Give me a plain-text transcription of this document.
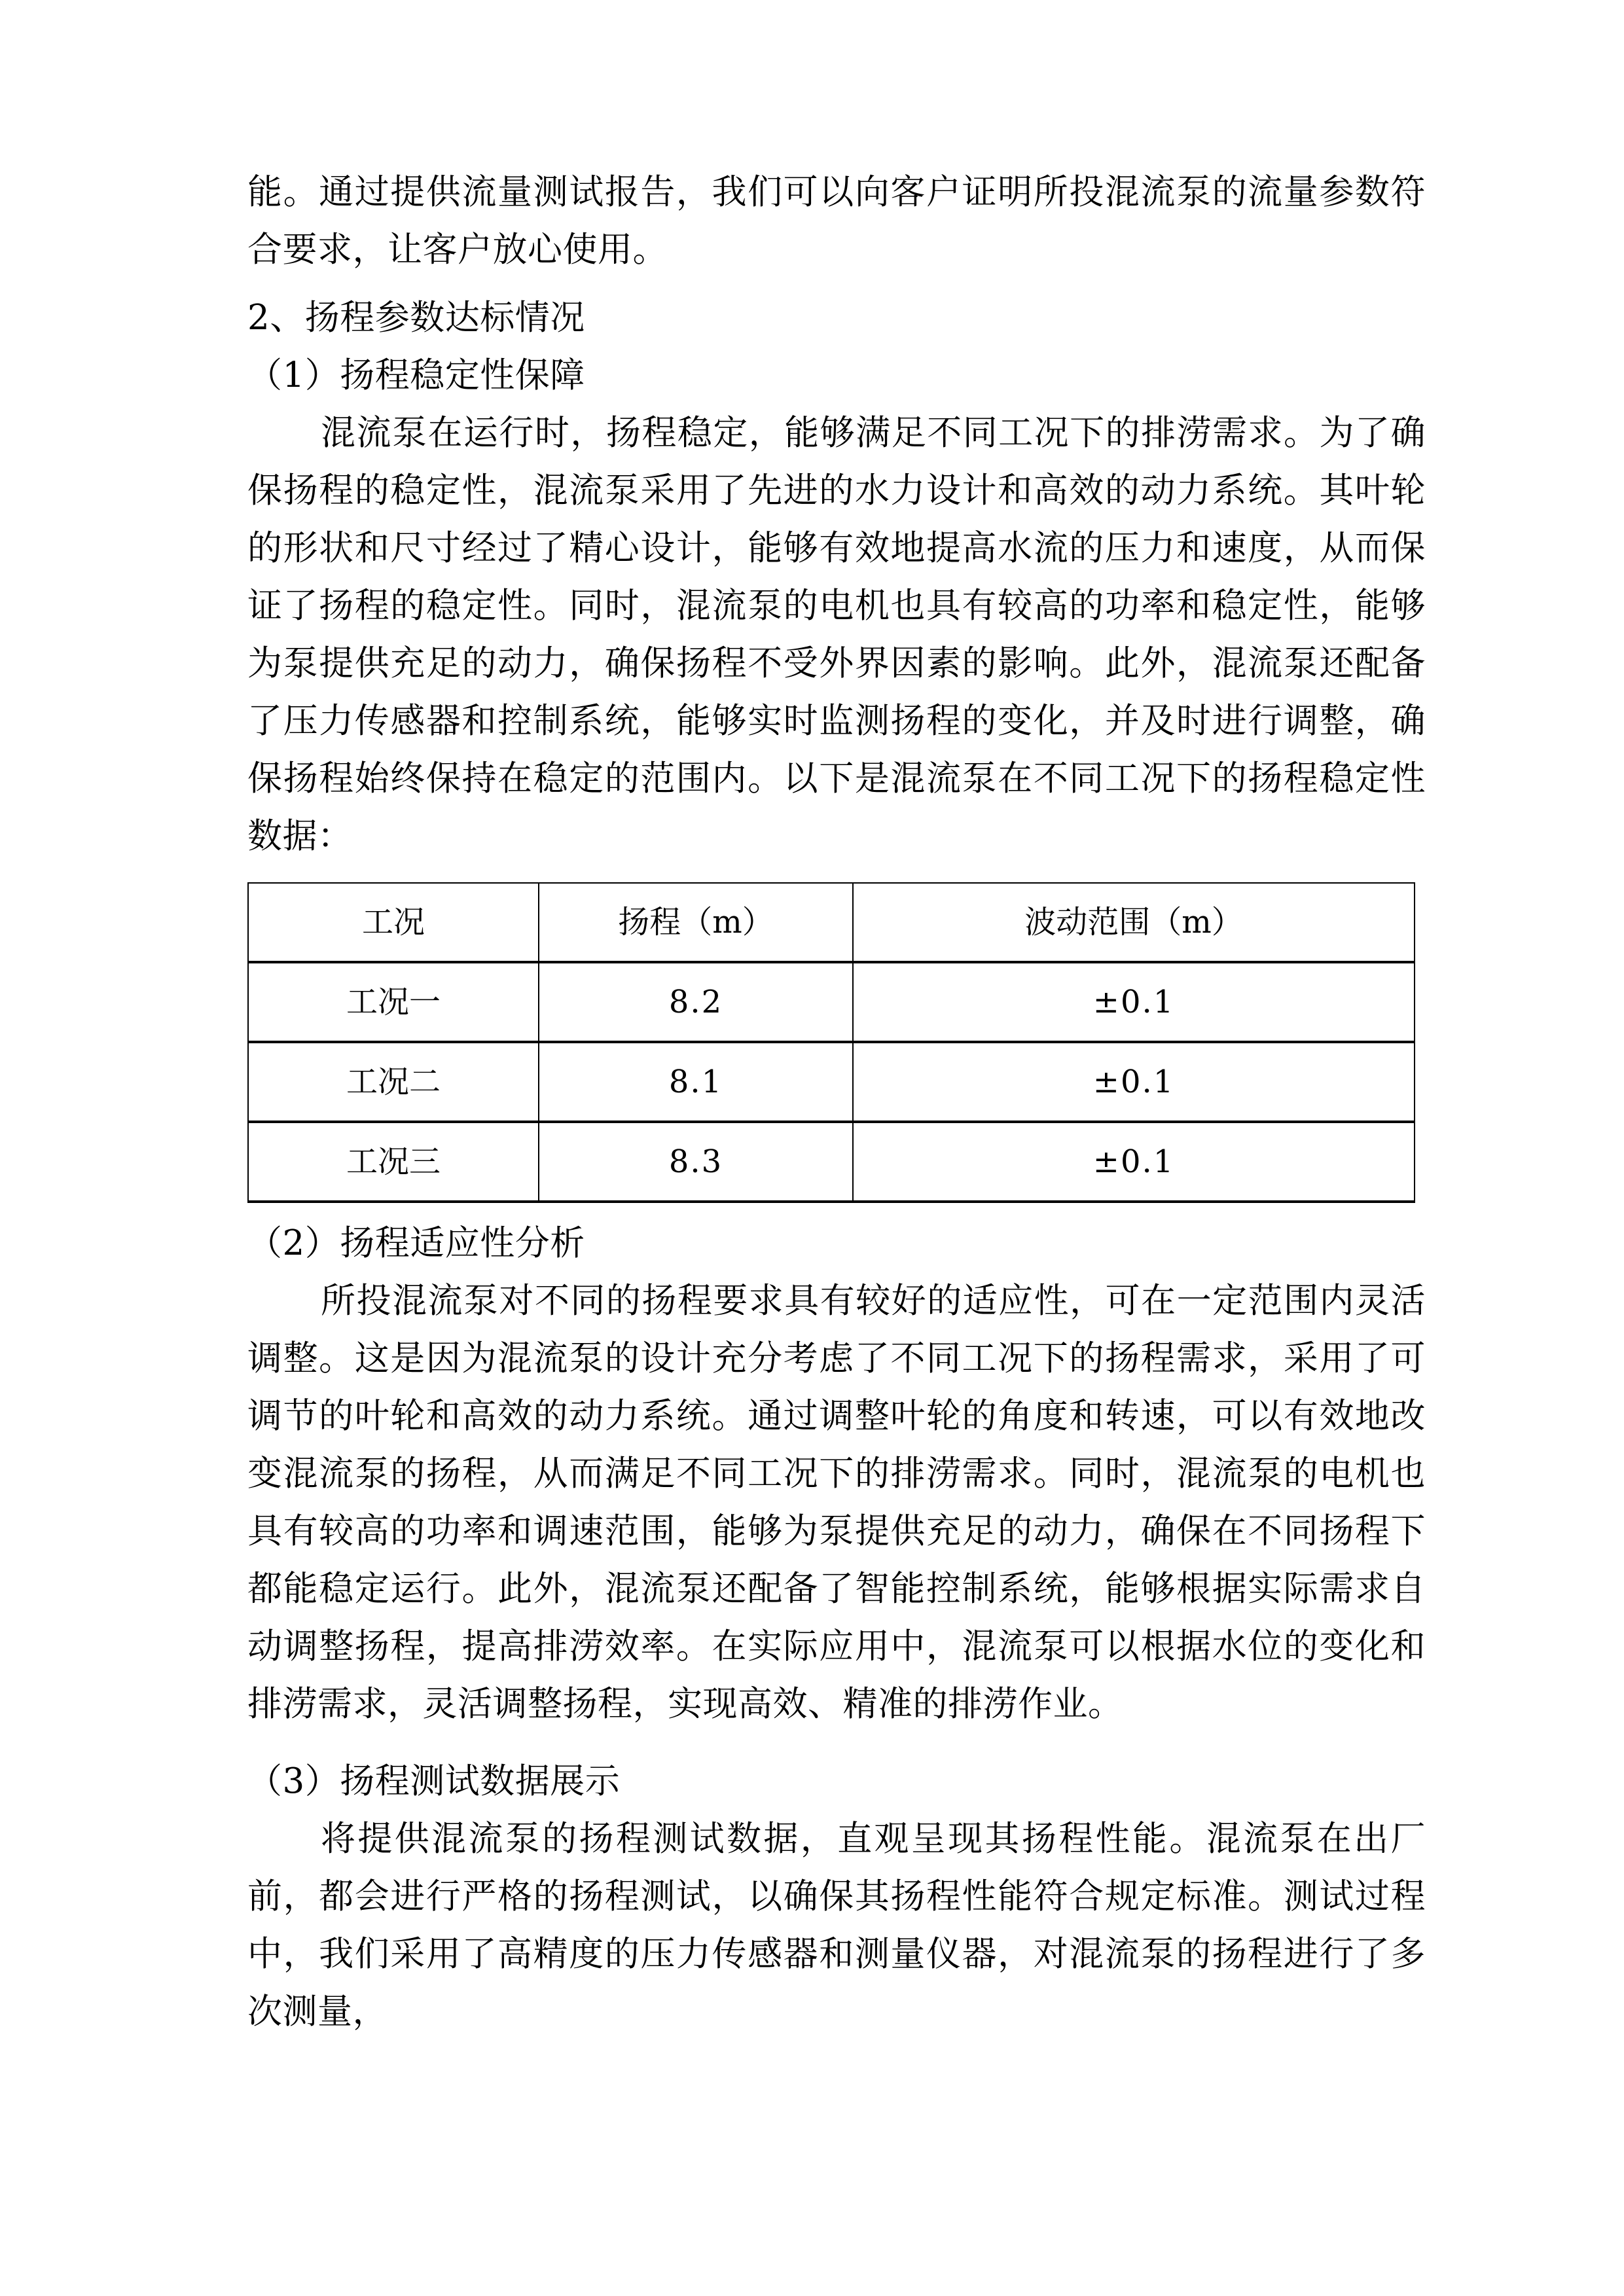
能。通过提供流量测试报告，我们可以向客户证明所投混流泵的流量参数符合要求，让客户放心使用。

2、扬程参数达标情况
（1）扬程稳定性保障

混流泵在运行时，扬程稳定，能够满足不同工况下的排涝需求。为了确保扬程的稳定性，混流泵采用了先进的水力设计和高效的动力系统。其叶轮的形状和尺寸经过了精心设计，能够有效地提高水流的压力和速度，从而保证了扬程的稳定性。同时，混流泵的电机也具有较高的功率和稳定性，能够为泵提供充足的动力，确保扬程不受外界因素的影响。此外，混流泵还配备了压力传感器和控制系统，能够实时监测扬程的变化，并及时进行调整，确保扬程始终保持在稳定的范围内。以下是混流泵在不同工况下的扬程稳定性数据：

工况	扬程（m）	波动范围（m）
工况一	8.2	±0.1
工况二	8.1	±0.1
工况三	8.3	±0.1
（2）扬程适应性分析

所投混流泵对不同的扬程要求具有较好的适应性，可在一定范围内灵活调整。这是因为混流泵的设计充分考虑了不同工况下的扬程需求，采用了可调节的叶轮和高效的动力系统。通过调整叶轮的角度和转速，可以有效地改变混流泵的扬程，从而满足不同工况下的排涝需求。同时，混流泵的电机也具有较高的功率和调速范围，能够为泵提供充足的动力，确保在不同扬程下都能稳定运行。此外，混流泵还配备了智能控制系统，能够根据实际需求自动调整扬程，提高排涝效率。在实际应用中，混流泵可以根据水位的变化和排涝需求，灵活调整扬程，实现高效、精准的排涝作业。

（3）扬程测试数据展示

将提供混流泵的扬程测试数据，直观呈现其扬程性能。混流泵在出厂前，都会进行严格的扬程测试，以确保其扬程性能符合规定标准。测试过程中，我们采用了高精度的压力传感器和测量仪器，对混流泵的扬程进行了多次测量，
